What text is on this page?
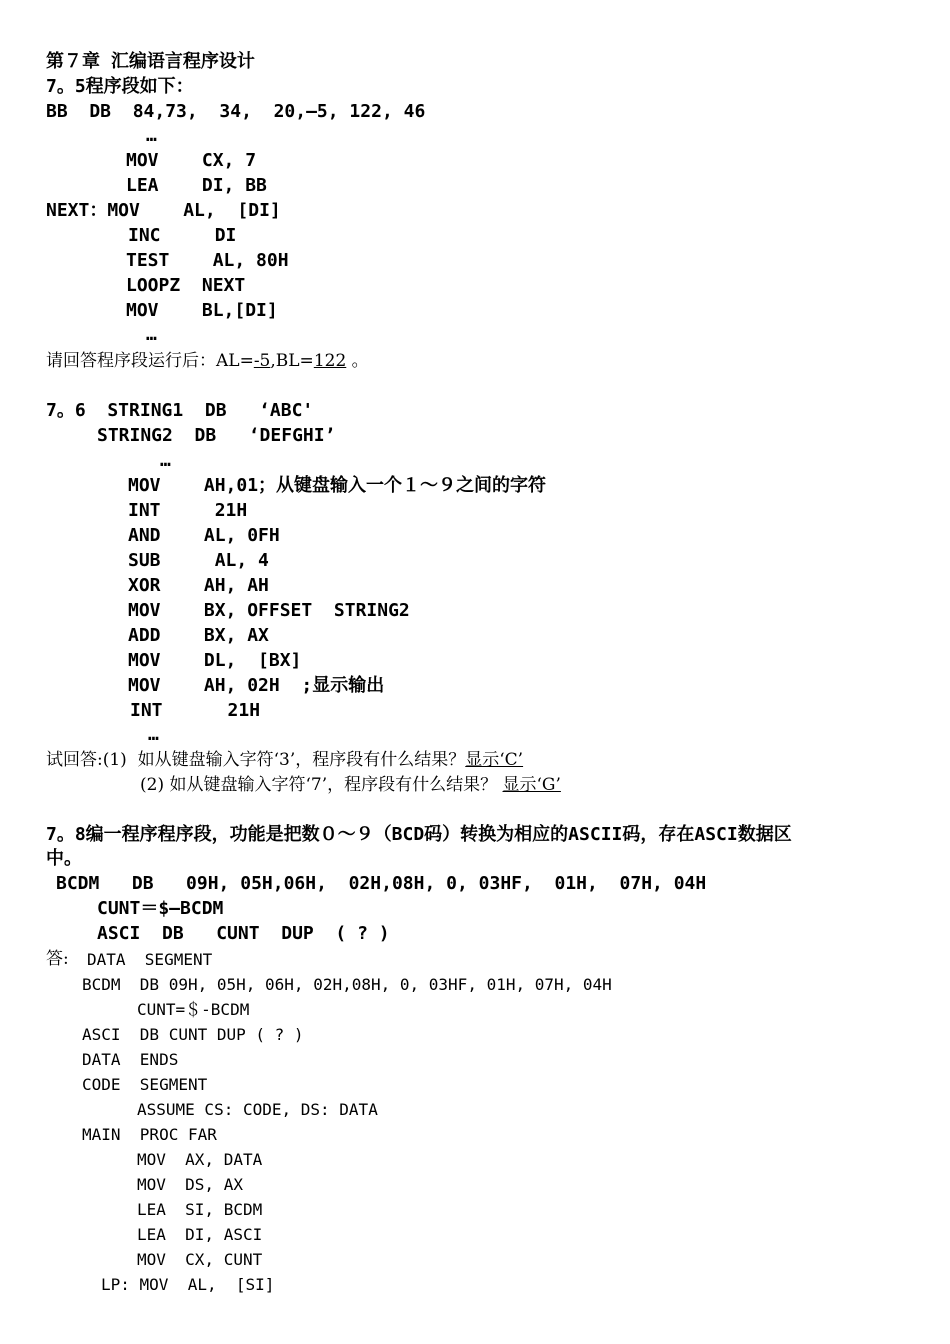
第７章 汇编语言程序设计
7。5程序段如下：
BB  DB  84,73,  34,  20,—5, 122, 46
…
MOV    CX, 7
LEA    DI, BB
NEXT：MOV    AL,  [DI]
INC     DI
TEST    AL, 80H
LOOPZ  NEXT
MOV    BL,[DI]
…
请回答程序段运行后：AL=-5,BL=122 。
7。6  STRING1  DB   ‘ABC'
STRING2  DB   ‘DEFGHI’
…
MOV    AH,01；从键盘输入一个１～９之间的字符
INT     21H
AND    AL, 0FH
SUB     AL, 4
XOR    AH, AH
MOV    BX, OFFSET  STRING2
ADD    BX, AX
MOV    DL,  [BX]
MOV    AH, 02H  ;显示输出
INT      21H
…
试回答:(1)  如从键盘输入字符‘3’，程序段有什么结果？显示‘C’
(2) 如从键盘输入字符‘7’，程序段有什么结果？ 显示‘G’
7。8编一程序程序段，功能是把数０～９（BCD码）转换为相应的ASCII码，存在ASCI数据区
中。
BCDM   DB   09H, 05H,06H,  02H,08H, 0, 03HF,  01H,  07H, 04H
CUNT＝$—BCDM
ASCI  DB   CUNT  DUP  ( ? )
答: DATA  SEGMENT
BCDM  DB 09H, 05H, 06H, 02H,08H, 0, 03HF, 01H, 07H, 04H
CUNT=＄-BCDM
ASCI  DB CUNT DUP ( ? )
DATA  ENDS
CODE  SEGMENT
ASSUME CS: CODE, DS: DATA
MAIN  PROC FAR
MOV  AX, DATA
MOV  DS, AX
LEA  SI, BCDM
LEA  DI, ASCI
MOV  CX, CUNT
LP: MOV  AL,  [SI]
